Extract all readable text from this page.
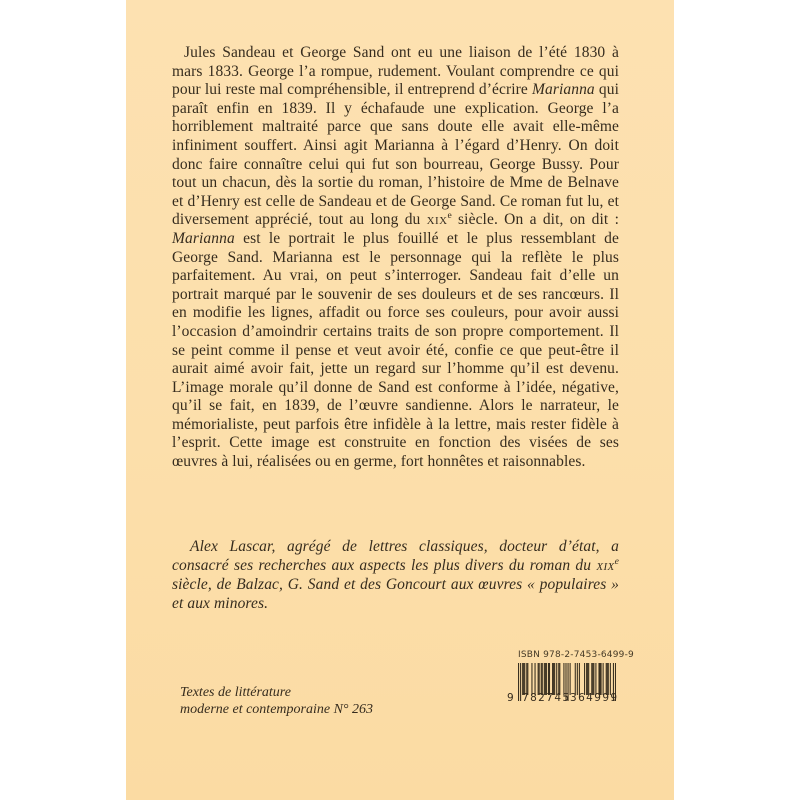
Jules Sandeau et George Sand ont eu une liaison de l’été 1830 à mars 1833. George l’a rompue, rudement. Voulant comprendre ce qui pour lui reste mal compréhensible, il entreprend d’écrire Marianna qui paraît enfin en 1839. Il y échafaude une explication. George l’a horriblement maltraité parce que sans doute elle avait elle-même infiniment souffert. Ainsi agit Marianna à l’égard d’Henry. On doit donc faire connaître celui qui fut son bourreau, George Bussy. Pour tout un chacun, dès la sortie du roman, l’histoire de Mme de Belnave et d’Henry est celle de Sandeau et de George Sand. Ce roman fut lu, et diversement apprécié, tout au long du xix$^e$ siècle. On a dit, on dit : Marianna est le portrait le plus fouillé et le plus ressemblant de George Sand. Marianna est le personnage qui la reflète le plus parfaitement. Au vrai, on peut s’interroger. Sandeau fait d’elle un portrait marqué par le souvenir de ses douleurs et de ses rancœurs. Il en modifie les lignes, affadit ou force ses couleurs, pour avoir aussi l’occasion d’amoindrir certains traits de son propre comportement. Il se peint comme il pense et veut avoir été, confie ce que peut-être il aurait aimé avoir fait, jette un regard sur l’homme qu’il est devenu. L’image morale qu’il donne de Sand est conforme à l’idée, négative, qu’il se fait, en 1839, de l’œuvre sandienne. Alors le narrateur, le mémorialiste, peut parfois être infidèle à la lettre, mais rester fidèle à l’esprit. Cette image est construite en fonction des visées de ses œuvres à lui, réalisées ou en germe, fort honnêtes et raisonnables.
Alex Lascar, agrégé de lettres classiques, docteur d’état, a consacré ses recherches aux aspects les plus divers du roman du xix$^e$ siècle, de Balzac, G. Sand et des Goncourt aux œuvres « populaires » et aux minores.
Textes de littérature
moderne et contemporaine N° 263
ISBN 978-2-7453-6499-9
9 782745 364999
